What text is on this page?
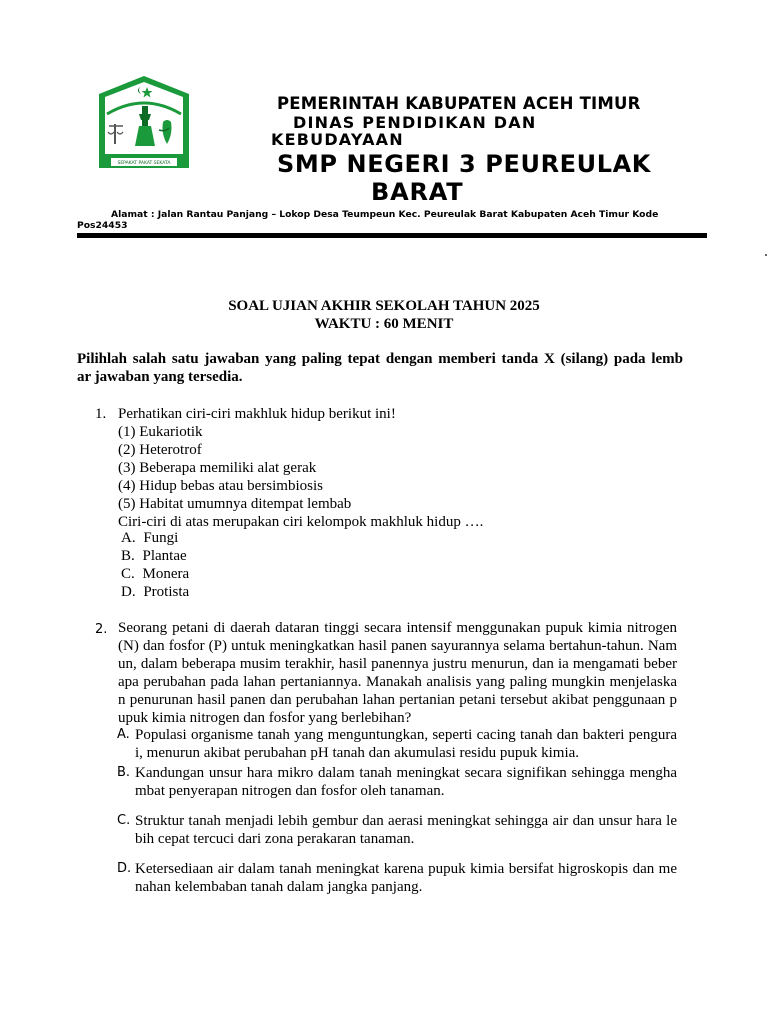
SEPAKAT PAKAT SEKATA
PEMERINTAH KABUPATEN ACEH TIMUR
DINAS PENDIDIKAN DAN
KEBUDAYAAN
SMP NEGERI 3 PEUREULAK
BARAT
Alamat : Jalan Rantau Panjang – Lokop Desa Teumpeun Kec. Peureulak Barat Kabupaten Aceh Timur Kode
Pos24453
SOAL UJIAN AKHIR SEKOLAH TAHUN 2025
WAKTU : 60 MENIT
Pilihlah salah satu jawaban yang paling tepat dengan memberi tanda X (silang) pada lemb
ar jawaban yang tersedia.
1. Perhatikan ciri-ciri makhluk hidup berikut ini!
(1) Eukariotik
(2) Heterotrof
(3) Beberapa memiliki alat gerak
(4) Hidup bebas atau bersimbiosis
(5) Habitat umumnya ditempat lembab
Ciri-ciri di atas merupakan ciri kelompok makhluk hidup ….
A. Fungi
B. Plantae
C. Monera
D. Protista
2. Seorang petani di daerah dataran tinggi secara intensif menggunakan pupuk kimia nitrogen
(N) dan fosfor (P) untuk meningkatkan hasil panen sayurannya selama bertahun-tahun. Nam
un, dalam beberapa musim terakhir, hasil panennya justru menurun, dan ia mengamati beber
apa perubahan pada lahan pertaniannya. Manakah analisis yang paling mungkin menjelaska
n penurunan hasil panen dan perubahan lahan pertanian petani tersebut akibat penggunaan p
upuk kimia nitrogen dan fosfor yang berlebihan?
A. Populasi organisme tanah yang menguntungkan, seperti cacing tanah dan bakteri pengura
i, menurun akibat perubahan pH tanah dan akumulasi residu pupuk kimia.
B. Kandungan unsur hara mikro dalam tanah meningkat secara signifikan sehingga mengha
mbat penyerapan nitrogen dan fosfor oleh tanaman.
C. Struktur tanah menjadi lebih gembur dan aerasi meningkat sehingga air dan unsur hara le
bih cepat tercuci dari zona perakaran tanaman.
D. Ketersediaan air dalam tanah meningkat karena pupuk kimia bersifat higroskopis dan me
nahan kelembaban tanah dalam jangka panjang.
